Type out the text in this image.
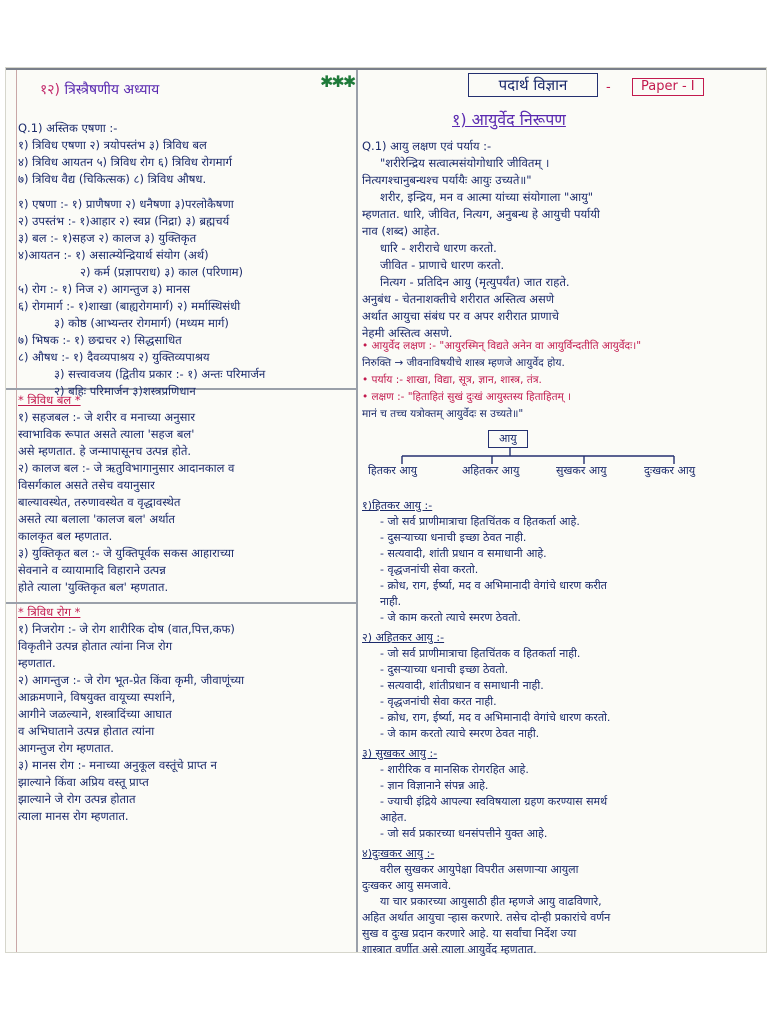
✱✱✱
१२) त्रिस्त्रैषणीय अध्याय
Q.1) अस्तिक एषणा :-
१) त्रिविध एषणा २) त्रयोपस्तंभ ३) त्रिविध बल
४) त्रिविध आयतन ५) त्रिविध रोग ६) त्रिविध रोगमार्ग
७) त्रिविध वैद्य (चिकित्सक) ८) त्रिविध औषध.
१) एषणा :- १) प्राणैषणा २) धनैषणा ३)परलोकैषणा
२) उपस्तंभ :- १)आहार २) स्वप्न (निद्रा) ३) ब्रह्मचर्य
३) बल :- १)सहज २) कालज ३) युक्तिकृत
४)आयतन :- १) असात्म्येन्द्रियार्थ संयोग (अर्थ)
२) कर्म (प्रज्ञापराध) ३) काल (परिणाम)
५) रोग :- १) निज २) आगन्तुज ३) मानस
६) रोगमार्ग :- १)शाखा (बाह्यरोगमार्ग) २) मर्मास्थिसंधी
३) कोष्ठ (आभ्यन्तर रोगमार्ग) (मध्यम मार्ग)
७) भिषक :- १) छद्मचर २) सिद्धसाधित
८) औषध :- १) दैवव्यपाश्रय २) युक्तिव्यपाश्रय
३) सत्त्वावजय (द्वितीय प्रकार :- १) अन्तः परिमार्जन
२) बहिः परिमार्जन ३)शस्त्रप्रणिधान
* त्रिविध बल *
१) सहजबल :- जे शरीर व मनाच्या अनुसार
स्वाभाविक रूपात असते त्याला 'सहज बल'
असे म्हणतात. हे जन्मापासूनच उत्पन्न होते.
२) कालज बल :- जे ऋतुविभागानुसार आदानकाल व
विसर्गकाल असते तसेच वयानुसार
बाल्यावस्थेत, तरुणावस्थेत व वृद्धावस्थेत
असते त्या बलाला 'कालज बल' अर्थात
कालकृत बल म्हणतात.
३) युक्तिकृत बल :- जे युक्तिपूर्वक सकस आहाराच्या
सेवनाने व व्यायामादि विहाराने उत्पन्न
होते त्याला 'युक्तिकृत बल' म्हणतात.
* त्रिविध रोग *
१) निजरोग :- जे रोग शारीरिक दोष (वात,पित्त,कफ)
विकृतीने उत्पन्न होतात त्यांना निज रोग
म्हणतात.
२) आगन्तुज :- जे रोग भूत-प्रेत किंवा कृमी, जीवाणूंच्या
आक्रमणाने, विषयुक्त वायूच्या स्पर्शाने,
आगीने जळल्याने, शस्त्रादिंच्या आघात
व अभिघाताने उत्पन्न होतात त्यांना
आगन्तुज रोग म्हणतात.
३) मानस रोग :- मनाच्या अनुकूल वस्तूंचे प्राप्त न
झाल्याने किंवा अप्रिय वस्तू प्राप्त
झाल्याने जे रोग उत्पन्न होतात
त्याला मानस रोग म्हणतात.
पदार्थ विज्ञान	-	Paper - I
१) आयुर्वेद निरूपण
Q.1) आयु लक्षण एवं पर्याय :-
"शरीरेन्द्रिय सत्वात्मसंयोगोधारि जीवितम् ।
नित्यगश्चानुबन्धश्च पर्यायैः आयुः उच्यते॥"
शरीर, इन्द्रिय, मन व आत्मा यांच्या संयोगाला "आयु"
म्हणतात. धारि, जीवित, नित्यग, अनुबन्ध हे आयुची पर्यायी
नाव (शब्द) आहेत.
धारि - शरीराचे धारण करतो.
जीवित - प्राणाचे धारण करतो.
नित्यग - प्रतिदिन आयु (मृत्युपर्यंत) जात राहते.
अनुबंध - चेतनाशक्तीचे शरीरात अस्तित्व असणे
अर्थात आयुचा संबंध पर व अपर शरीरात प्राणाचे
नेहमी अस्तित्व असणे.
• आयुर्वेद लक्षण :- "आयुरस्मिन् विद्यते अनेन वा आयुर्विन्दतीति आयुर्वेदः।"
निरुक्ति → जीवनाविषयीचे शास्त्र म्हणजे आयुर्वेद होय.
• पर्याय :- शाखा, विद्या, सूत्र, ज्ञान, शास्त्र, तंत्र.
• लक्षण :- "हिताहितं सुखं दुःखं आयुस्तस्य हिताहितम् ।
मानं च तच्च यत्रोक्तम् आयुर्वेदः स उच्यते॥"
आयु
हितकर आयु	अहितकर आयु	सुखकर आयु	दुःखकर आयु
१)हितकर आयु :-
- जो सर्व प्राणीमात्राचा हितचिंतक व हितकर्ता आहे.
- दुसऱ्याच्या धनाची इच्छा ठेवत नाही.
- सत्यवादी, शांती प्रधान व समाधानी आहे.
- वृद्धजनांची सेवा करतो.
- क्रोध, राग, ईर्ष्या, मद व अभिमानादी वेगांचे धारण करीत
नाही.
- जे काम करतो त्याचे स्मरण ठेवतो.
२) अहितकर आयु :-
- जो सर्व प्राणीमात्राचा हितचिंतक व हितकर्ता नाही.
- दुसऱ्याच्या धनाची इच्छा ठेवतो.
- सत्यवादी, शांतीप्रधान व समाधानी नाही.
- वृद्धजनांची सेवा करत नाही.
- क्रोध, राग, ईर्ष्या, मद व अभिमानादी वेगांचे धारण करतो.
- जे काम करतो त्याचे स्मरण ठेवत नाही.
३) सुखकर आयु :-
- शारीरिक व मानसिक रोगरहित आहे.
- ज्ञान विज्ञानाने संपन्न आहे.
- ज्याची इंद्रिये आपल्या स्वविषयाला ग्रहण करण्यास समर्थ
आहेत.
- जो सर्व प्रकारच्या धनसंपत्तीने युक्त आहे.
४)दुःखकर आयु :-
वरील सुखकर आयुपेक्षा विपरीत असणाऱ्या आयुला
दुःखकर आयु समजावे.
या चार प्रकारच्या आयुसाठी हीत म्हणजे आयु वाढविणारे,
अहित अर्थात आयुचा ऱ्हास करणारे. तसेच दोन्ही प्रकारांचे वर्णन
सुख व दुःख प्रदान करणारे आहे. या सर्वांचा निर्देश ज्या
शास्त्रात वर्णीत असे त्याला आयुर्वेद म्हणतात.
